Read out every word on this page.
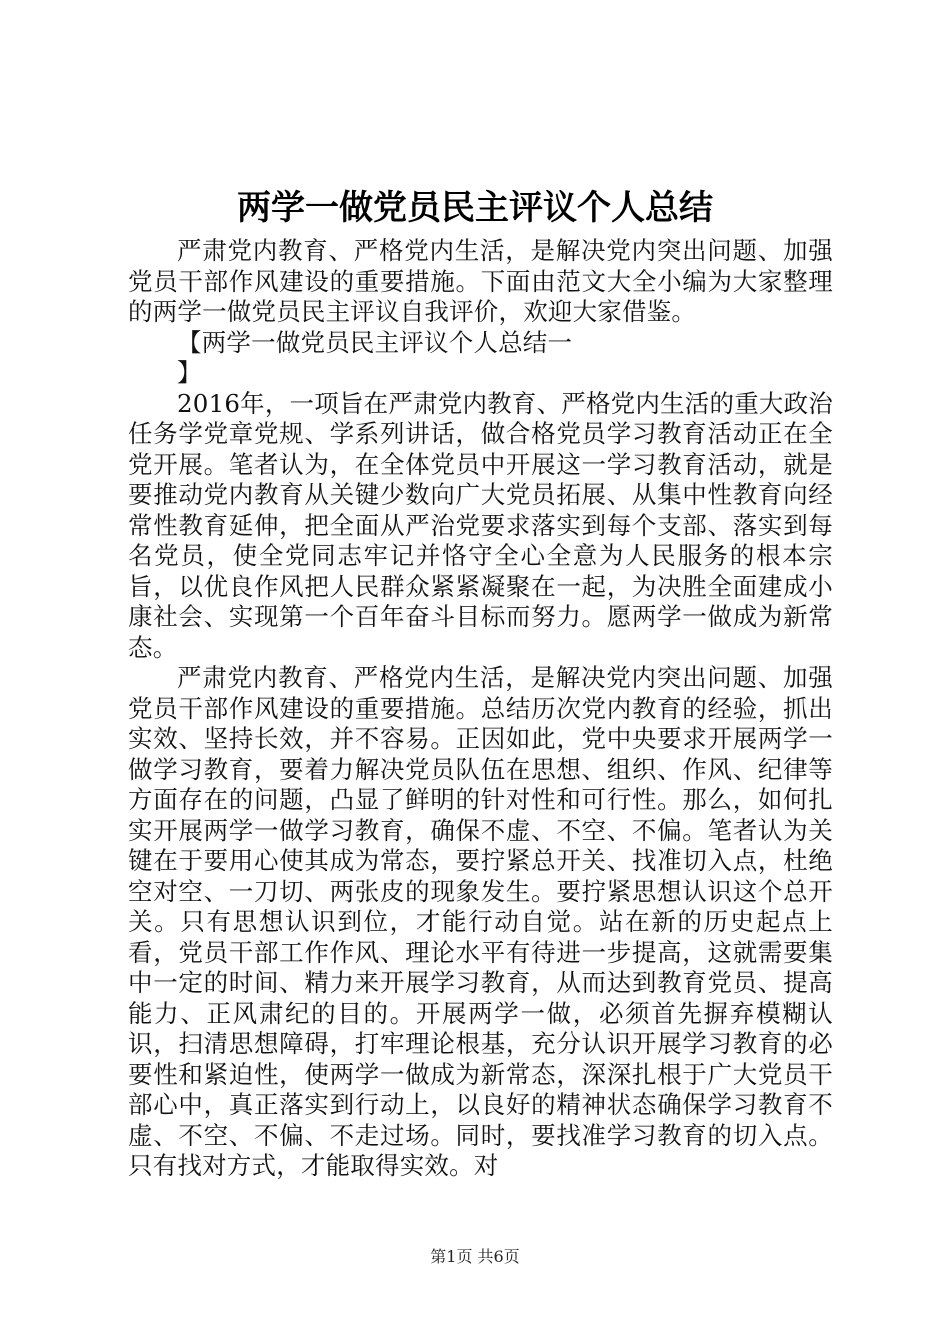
两学一做党员民主评议个人总结

严肃党内教育、严格党内生活，是解决党内突出问题、加强党员干部作风建设的重要措施。下面由范文大全小编为大家整理的两学一做党员民主评议自我评价，欢迎大家借鉴。

【两学一做党员民主评议个人总结一

】

2016年，一项旨在严肃党内教育、严格党内生活的重大政治任务学党章党规、学系列讲话，做合格党员学习教育活动正在全党开展。笔者认为，在全体党员中开展这一学习教育活动，就是要推动党内教育从关键少数向广大党员拓展、从集中性教育向经常性教育延伸，把全面从严治党要求落实到每个支部、落实到每名党员，使全党同志牢记并恪守全心全意为人民服务的根本宗旨，以优良作风把人民群众紧紧凝聚在一起，为决胜全面建成小康社会、实现第一个百年奋斗目标而努力。愿两学一做成为新常态。

严肃党内教育、严格党内生活，是解决党内突出问题、加强党员干部作风建设的重要措施。总结历次党内教育的经验，抓出实效、坚持长效，并不容易。正因如此，党中央要求开展两学一做学习教育，要着力解决党员队伍在思想、组织、作风、纪律等方面存在的问题，凸显了鲜明的针对性和可行性。那么，如何扎实开展两学一做学习教育，确保不虚、不空、不偏。笔者认为关键在于要用心使其成为常态，要拧紧总开关、找准切入点，杜绝空对空、一刀切、两张皮的现象发生。要拧紧思想认识这个总开关。只有思想认识到位，才能行动自觉。站在新的历史起点上看，党员干部工作作风、理论水平有待进一步提高，这就需要集中一定的时间、精力来开展学习教育，从而达到教育党员、提高能力、正风肃纪的目的。开展两学一做，必须首先摒弃模糊认识，扫清思想障碍，打牢理论根基，充分认识开展学习教育的必要性和紧迫性，使两学一做成为新常态，深深扎根于广大党员干部心中，真正落实到行动上，以良好的精神状态确保学习教育不虚、不空、不偏、不走过场。同时，要找准学习教育的切入点。只有找对方式，才能取得实效。对

第1页 共6页
